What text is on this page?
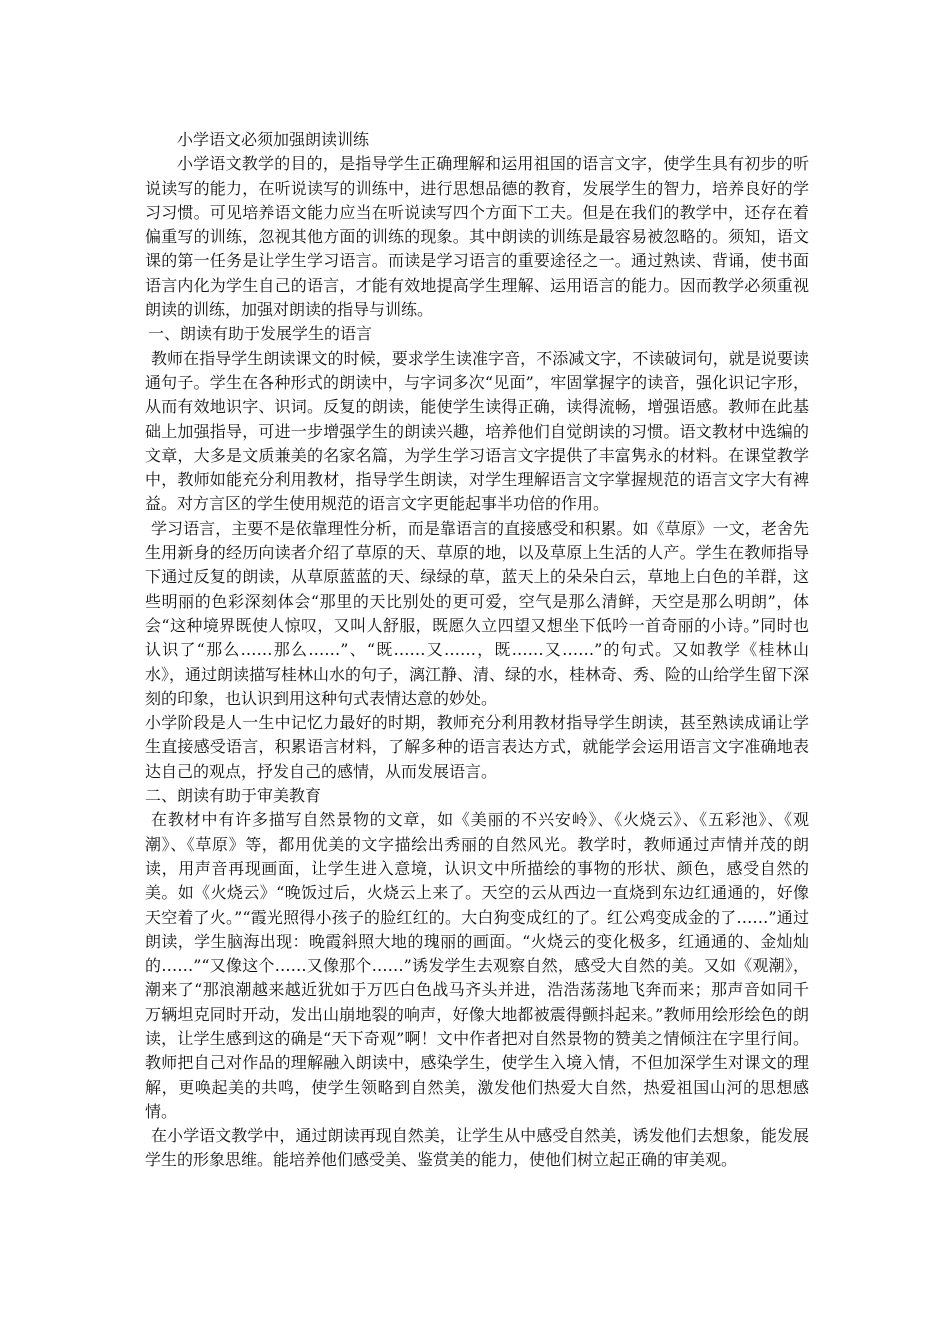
小学语文必须加强朗读训练

小学语文教学的目的，是指导学生正确理解和运用祖国的语言文字，使学生具有初步的听说读写的能力，在听说读写的训练中，进行思想品德的教育，发展学生的智力，培养良好的学习习惯。可见培养语文能力应当在听说读写四个方面下工夫。但是在我们的教学中，还存在着偏重写的训练，忽视其他方面的训练的现象。其中朗读的训练是最容易被忽略的。须知，语文课的第一任务是让学生学习语言。而读是学习语言的重要途径之一。通过熟读、背诵，使书面语言内化为学生自己的语言，才能有效地提高学生理解、运用语言的能力。因而教学必须重视朗读的训练，加强对朗读的指导与训练。

一、朗读有助于发展学生的语言

教师在指导学生朗读课文的时候，要求学生读准字音，不添减文字，不读破词句，就是说要读通句子。学生在各种形式的朗读中，与字词多次“见面”，牢固掌握字的读音，强化识记字形，从而有效地识字、识词。反复的朗读，能使学生读得正确，读得流畅，增强语感。教师在此基础上加强指导，可进一步增强学生的朗读兴趣，培养他们自觉朗读的习惯。语文教材中选编的文章，大多是文质兼美的名家名篇，为学生学习语言文字提供了丰富隽永的材料。在课堂教学中，教师如能充分利用教材，指导学生朗读，对学生理解语言文字掌握规范的语言文字大有裨益。对方言区的学生使用规范的语言文字更能起事半功倍的作用。

学习语言，主要不是依靠理性分析，而是靠语言的直接感受和积累。如《草原》一文，老舍先生用新身的经历向读者介绍了草原的天、草原的地，以及草原上生活的人产。学生在教师指导下通过反复的朗读，从草原蓝蓝的天、绿绿的草，蓝天上的朵朵白云，草地上白色的羊群，这些明丽的色彩深刻体会“那里的天比别处的更可爱，空气是那么清鲜，天空是那么明朗”，体会“这种境界既使人惊叹，又叫人舒服，既愿久立四望又想坐下低吟一首奇丽的小诗。”同时也认识了“那么……那么……”、“既……又……，既……又……”的句式。又如教学《桂林山水》，通过朗读描写桂林山水的句子，漓江静、清、绿的水，桂林奇、秀、险的山给学生留下深刻的印象，也认识到用这种句式表情达意的妙处。

小学阶段是人一生中记忆力最好的时期，教师充分利用教材指导学生朗读，甚至熟读成诵让学生直接感受语言，积累语言材料，了解多种的语言表达方式，就能学会运用语言文字准确地表达自己的观点，抒发自己的感情，从而发展语言。

二、朗读有助于审美教育

在教材中有许多描写自然景物的文章，如《美丽的不兴安岭》、《火烧云》、《五彩池》、《观潮》、《草原》等，都用优美的文字描绘出秀丽的自然风光。教学时，教师通过声情并茂的朗读，用声音再现画面，让学生进入意境，认识文中所描绘的事物的形状、颜色，感受自然的美。如《火烧云》“晚饭过后，火烧云上来了。天空的云从西边一直烧到东边红通通的，好像天空着了火。”“霞光照得小孩子的脸红红的。大白狗变成红的了。红公鸡变成金的了……”通过朗读，学生脑海出现：晚霞斜照大地的瑰丽的画面。“火烧云的变化极多，红通通的、金灿灿的……”“又像这个……又像那个……”诱发学生去观察自然，感受大自然的美。又如《观潮》，潮来了“那浪潮越来越近犹如于万匹白色战马齐头并进，浩浩荡荡地飞奔而来；那声音如同千万辆坦克同时开动，发出山崩地裂的响声，好像大地都被震得颤抖起来。”教师用绘形绘色的朗读，让学生感到这的确是“天下奇观”啊！文中作者把对自然景物的赞美之情倾注在字里行间。教师把自己对作品的理解融入朗读中，感染学生，使学生入境入情，不但加深学生对课文的理解，更唤起美的共鸣，使学生领略到自然美，激发他们热爱大自然，热爱祖国山河的思想感情。

在小学语文教学中，通过朗读再现自然美，让学生从中感受自然美，诱发他们去想象，能发展学生的形象思维。能培养他们感受美、鉴赏美的能力，使他们树立起正确的审美观。
